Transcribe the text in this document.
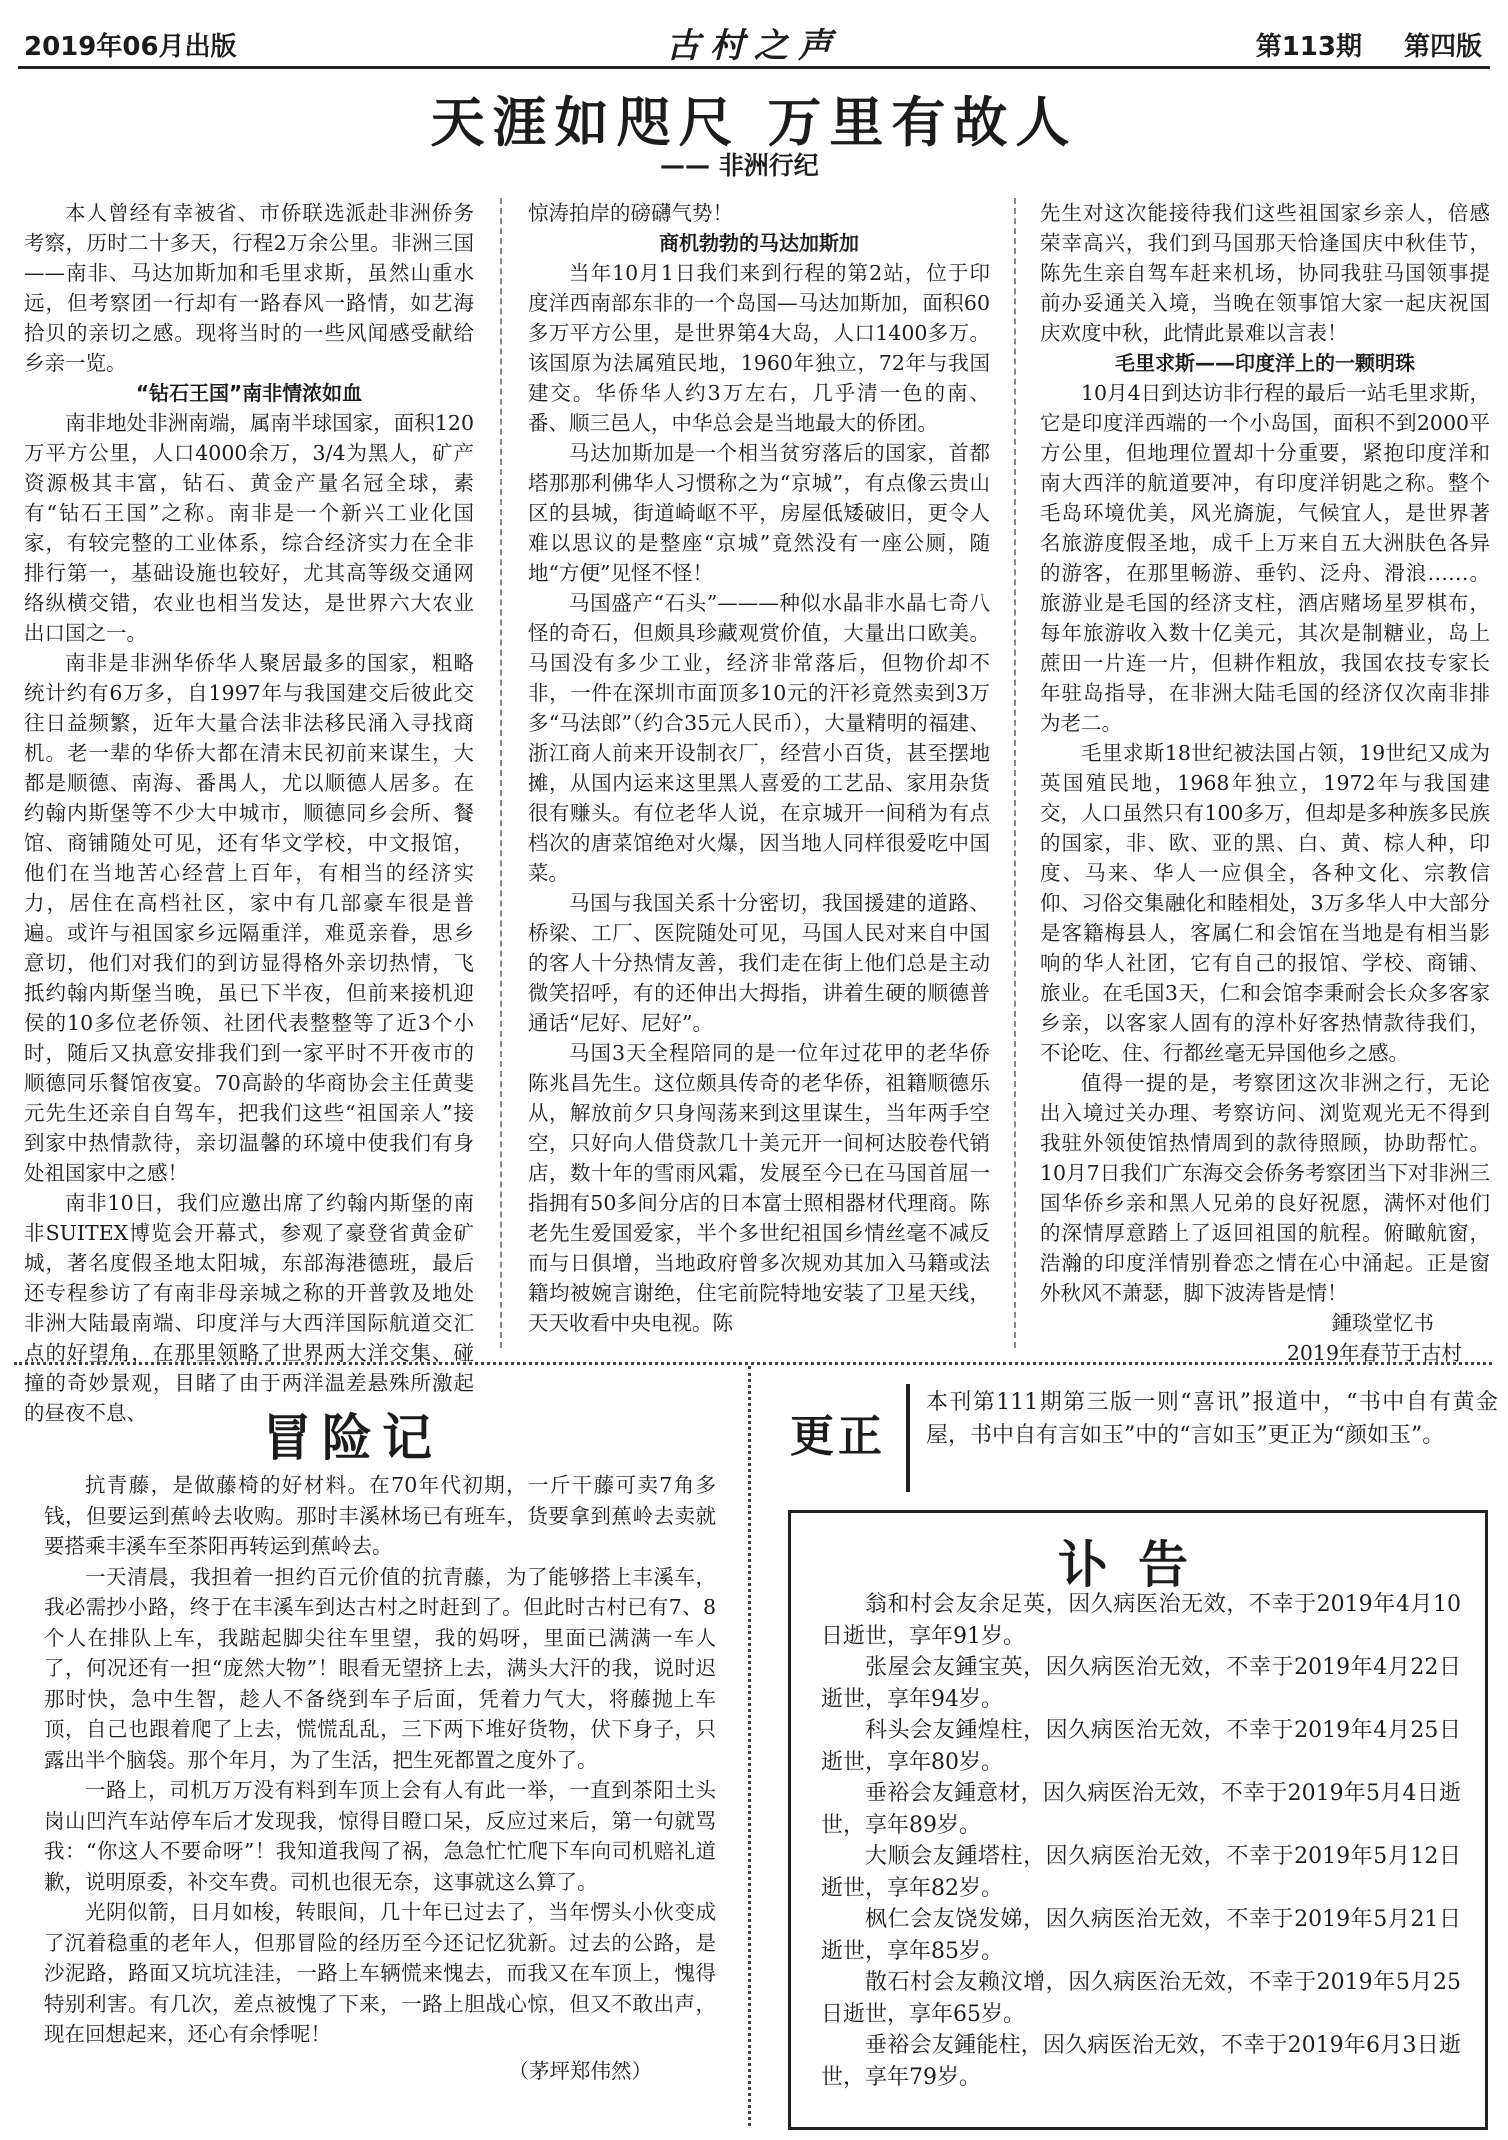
2019年06月出版	古村之声	第113期 第四版
天涯如咫尺 万里有故人
—— 非洲行纪

本人曾经有幸被省、市侨联选派赴非洲侨务考察，历时二十多天，行程2万余公里。非洲三国——南非、马达加斯加和毛里求斯，虽然山重水远，但考察团一行却有一路春风一路情，如艺海拾贝的亲切之感。现将当时的一些风闻感受献给乡亲一览。

“钻石王国”南非情浓如血

南非地处非洲南端，属南半球国家，面积120万平方公里，人口4000余万，3/4为黑人，矿产资源极其丰富，钻石、黄金产量名冠全球，素有“钻石王国”之称。南非是一个新兴工业化国家，有较完整的工业体系，综合经济实力在全非排行第一，基础设施也较好，尤其高等级交通网络纵横交错，农业也相当发达，是世界六大农业出口国之一。

南非是非洲华侨华人聚居最多的国家，粗略统计约有6万多，自1997年与我国建交后彼此交往日益频繁，近年大量合法非法移民涌入寻找商机。老一辈的华侨大都在清末民初前来谋生，大都是顺德、南海、番禺人，尤以顺德人居多。在约翰内斯堡等不少大中城市，顺德同乡会所、餐馆、商铺随处可见，还有华文学校，中文报馆，他们在当地苦心经营上百年，有相当的经济实力，居住在高档社区，家中有几部豪车很是普遍。或许与祖国家乡远隔重洋，难觅亲眷，思乡意切，他们对我们的到访显得格外亲切热情，飞抵约翰内斯堡当晚，虽已下半夜，但前来接机迎侯的10多位老侨领、社团代表整整等了近3个小时，随后又执意安排我们到一家平时不开夜市的顺德同乐餐馆夜宴。70高龄的华商协会主任黄斐元先生还亲自自驾车，把我们这些“祖国亲人”接到家中热情款待，亲切温馨的环境中使我们有身处祖国家中之感！

南非10日，我们应邀出席了约翰内斯堡的南非SUITEX博览会开幕式，参观了豪登省黄金矿城，著名度假圣地太阳城，东部海港德班，最后还专程参访了有南非母亲城之称的开普敦及地处非洲大陆最南端、印度洋与大西洋国际航道交汇点的好望角，在那里领略了世界两大洋交集、碰撞的奇妙景观，目睹了由于两洋温差悬殊所激起的昼夜不息、

惊涛拍岸的磅礴气势！

商机勃勃的马达加斯加

当年10月1日我们来到行程的第2站，位于印度洋西南部东非的一个岛国—马达加斯加，面积60多万平方公里，是世界第4大岛，人口1400多万。该国原为法属殖民地，1960年独立，72年与我国建交。华侨华人约3万左右，几乎清一色的南、番、顺三邑人，中华总会是当地最大的侨团。

马达加斯加是一个相当贫穷落后的国家，首都塔那那利佛华人习惯称之为“京城”，有点像云贵山区的县城，街道崎岖不平，房屋低矮破旧，更令人难以思议的是整座“京城”竟然没有一座公厕，随地“方便”见怪不怪！

马国盛产“石头”———种似水晶非水晶七奇八怪的奇石，但颇具珍藏观赏价值，大量出口欧美。马国没有多少工业，经济非常落后，但物价却不非，一件在深圳市面顶多10元的汗衫竟然卖到3万多“马法郎”（约合35元人民币），大量精明的福建、浙江商人前来开设制衣厂，经营小百货，甚至摆地摊，从国内运来这里黑人喜爱的工艺品、家用杂货很有赚头。有位老华人说，在京城开一间稍为有点档次的唐菜馆绝对火爆，因当地人同样很爱吃中国菜。

马国与我国关系十分密切，我国援建的道路、桥梁、工厂、医院随处可见，马国人民对来自中国的客人十分热情友善，我们走在街上他们总是主动微笑招呼，有的还伸出大拇指，讲着生硬的顺德普通话“尼好、尼好”。

马国3天全程陪同的是一位年过花甲的老华侨陈兆昌先生。这位颇具传奇的老华侨，祖籍顺德乐从，解放前夕只身闯荡来到这里谋生，当年两手空空，只好向人借贷款几十美元开一间柯达胶卷代销店，数十年的雪雨风霜，发展至今已在马国首屈一指拥有50多间分店的日本富士照相器材代理商。陈老先生爱国爱家，半个多世纪祖国乡情丝毫不减反而与日俱增，当地政府曾多次规劝其加入马籍或法籍均被婉言谢绝，住宅前院特地安装了卫星天线，天天收看中央电视。陈

先生对这次能接待我们这些祖国家乡亲人，倍感荣幸高兴，我们到马国那天恰逢国庆中秋佳节，陈先生亲自驾车赶来机场，协同我驻马国领事提前办妥通关入境，当晚在领事馆大家一起庆祝国庆欢度中秋，此情此景难以言表！

毛里求斯——印度洋上的一颗明珠

10月4日到达访非行程的最后一站毛里求斯，它是印度洋西端的一个小岛国，面积不到2000平方公里，但地理位置却十分重要，紧抱印度洋和南大西洋的航道要冲，有印度洋钥匙之称。整个毛岛环境优美，风光旖旎，气候宜人，是世界著名旅游度假圣地，成千上万来自五大洲肤色各异的游客，在那里畅游、垂钓、泛舟、滑浪……。旅游业是毛国的经济支柱，酒店赌场星罗棋布，每年旅游收入数十亿美元，其次是制糖业，岛上蔗田一片连一片，但耕作粗放，我国农技专家长年驻岛指导，在非洲大陆毛国的经济仅次南非排为老二。

毛里求斯18世纪被法国占领，19世纪又成为英国殖民地，1968年独立，1972年与我国建交，人口虽然只有100多万，但却是多种族多民族的国家，非、欧、亚的黑、白、黄、棕人种，印度、马来、华人一应俱全，各种文化、宗教信仰、习俗交集融化和睦相处，3万多华人中大部分是客籍梅县人，客属仁和会馆在当地是有相当影响的华人社团，它有自己的报馆、学校、商铺、旅业。在毛国3天，仁和会馆李秉耐会长众多客家乡亲，以客家人固有的淳朴好客热情款待我们，不论吃、住、行都丝毫无异国他乡之感。

值得一提的是，考察团这次非洲之行，无论出入境过关办理、考察访问、浏览观光无不得到我驻外领使馆热情周到的款待照顾，协助帮忙。10月7日我们广东海交会侨务考察团当下对非洲三国华侨乡亲和黑人兄弟的良好祝愿，满怀对他们的深情厚意踏上了返回祖国的航程。俯瞰航窗，浩瀚的印度洋情别眷恋之情在心中涌起。正是窗外秋风不萧瑟，脚下波涛皆是情！

鍾琰堂忆书

2019年春节于古村

冒险记

抗青藤，是做藤椅的好材料。在70年代初期，一斤干藤可卖7角多钱，但要运到蕉岭去收购。那时丰溪林场已有班车，货要拿到蕉岭去卖就要搭乘丰溪车至茶阳再转运到蕉岭去。

一天清晨，我担着一担约百元价值的抗青藤，为了能够搭上丰溪车，我必需抄小路，终于在丰溪车到达古村之时赶到了。但此时古村已有7、8个人在排队上车，我踮起脚尖往车里望，我的妈呀，里面已满满一车人了，何况还有一担“庞然大物”！眼看无望挤上去，满头大汗的我，说时迟那时快，急中生智，趁人不备绕到车子后面，凭着力气大，将藤抛上车顶，自己也跟着爬了上去，慌慌乱乱，三下两下堆好货物，伏下身子，只露出半个脑袋。那个年月，为了生活，把生死都置之度外了。

一路上，司机万万没有料到车顶上会有人有此一举，一直到茶阳土头岗山凹汽车站停车后才发现我，惊得目瞪口呆，反应过来后，第一句就骂我：“你这人不要命呀”！我知道我闯了祸，急急忙忙爬下车向司机赔礼道歉，说明原委，补交车费。司机也很无奈，这事就这么算了。

光阴似箭，日月如梭，转眼间，几十年已过去了，当年愣头小伙变成了沉着稳重的老年人，但那冒险的经历至今还记忆犹新。过去的公路，是沙泥路，路面又坑坑洼洼，一路上车辆慌来愧去，而我又在车顶上，愧得特别利害。有几次，差点被愧了下来，一路上胆战心惊，但又不敢出声，现在回想起来，还心有余悸呢！

（茅坪郑伟然）

更正
本刊第111期第三版一则“喜讯”报道中，“书中自有黄金屋，书中自有言如玉”中的“言如玉”更正为“颜如玉”。
讣告

翁和村会友余足英，因久病医治无效，不幸于2019年4月10日逝世，享年91岁。

张屋会友鍾宝英，因久病医治无效，不幸于2019年4月22日逝世，享年94岁。

科头会友鍾煌柱，因久病医治无效，不幸于2019年4月25日逝世，享年80岁。

垂裕会友鍾意材，因久病医治无效，不幸于2019年5月4日逝世，享年89岁。

大顺会友鍾塔柱，因久病医治无效，不幸于2019年5月12日逝世，享年82岁。

枫仁会友饶发娣，因久病医治无效，不幸于2019年5月21日逝世，享年85岁。

散石村会友赖汶增，因久病医治无效，不幸于2019年5月25日逝世，享年65岁。

垂裕会友鍾能柱，因久病医治无效，不幸于2019年6月3日逝世，享年79岁。
